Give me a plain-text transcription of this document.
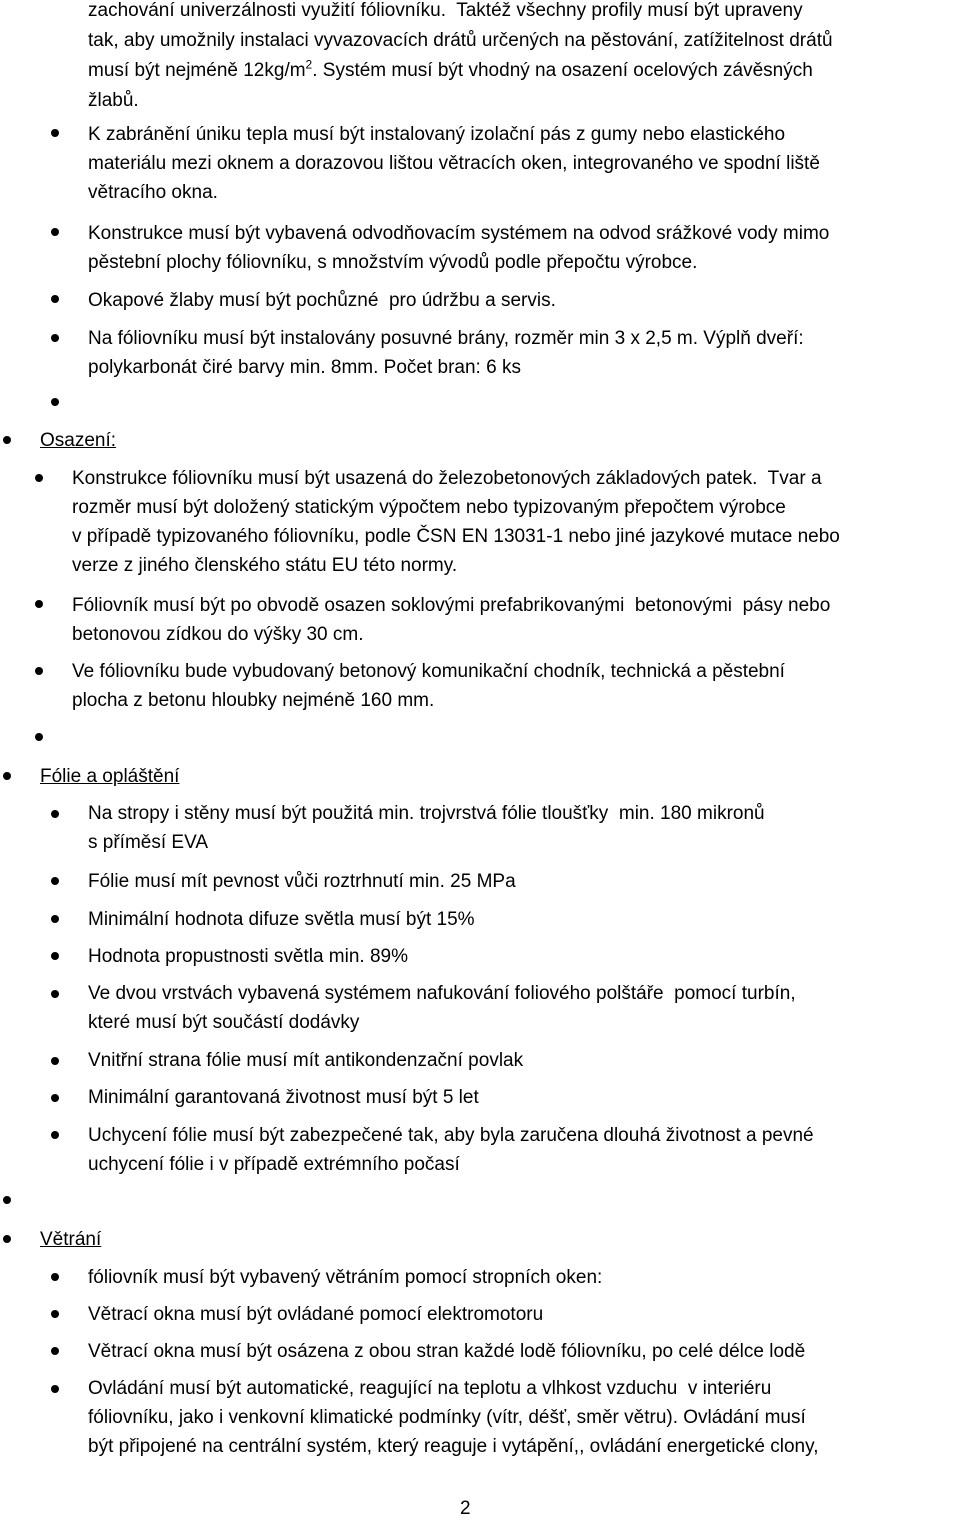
zachování univerzálnosti využití fóliovníku.  Taktéž všechny profily musí být upraveny
tak, aby umožnily instalaci vyvazovacích drátů určených na pěstování, zatížitelnost drátů
musí být nejméně $12kg/m^2$. Systém musí být vhodný na osazení ocelových závěsných
žlabů.
K zabránění úniku tepla musí být instalovaný izolační pás z gumy nebo elastického
materiálu mezi oknem a dorazovou lištou větracích oken, integrovaného ve spodní liště
větracího okna.
Konstrukce musí být vybavená odvodňovacím systémem na odvod srážkové vody mimo
pěstební plochy fóliovníku, s množstvím vývodů podle přepočtu výrobce.
Okapové žlaby musí být pochůzné  pro údržbu a servis.
Na fóliovníku musí být instalovány posuvné brány, rozměr min 3 x 2,5 m. Výplň dveří:
polykarbonát čiré barvy min. 8mm. Počet bran: 6 ks
Osazení:
Konstrukce fóliovníku musí být usazená do železobetonových základových patek.  Tvar a
rozměr musí být doložený statickým výpočtem nebo typizovaným přepočtem výrobce
v případě typizovaného fóliovníku, podle ČSN EN 13031-1 nebo jiné jazykové mutace nebo
verze z jiného členského státu EU této normy.
Fóliovník musí být po obvodě osazen soklovými prefabrikovanými  betonovými  pásy nebo
betonovou zídkou do výšky 30 cm.
Ve fóliovníku bude vybudovaný betonový komunikační chodník, technická a pěstební
plocha z betonu hloubky nejméně 160 mm.
Fólie a opláštění
Na stropy i stěny musí být použitá min. trojvrstvá fólie tloušťky  min. 180 mikronů
s příměsí EVA
Fólie musí mít pevnost vůči roztrhnutí min. 25 MPa
Minimální hodnota difuze světla musí být 15%
Hodnota propustnosti světla min. 89%
Ve dvou vrstvách vybavená systémem nafukování foliového polštáře  pomocí turbín,
které musí být součástí dodávky
Vnitřní strana fólie musí mít antikondenzační povlak
Minimální garantovaná životnost musí být 5 let
Uchycení fólie musí být zabezpečené tak, aby byla zaručena dlouhá životnost a pevné
uchycení fólie i v případě extrémního počasí
Větrání
fóliovník musí být vybavený větráním pomocí stropních oken:
Větrací okna musí být ovládané pomocí elektromotoru
Větrací okna musí být osázena z obou stran každé lodě fóliovníku, po celé délce lodě
Ovládání musí být automatické, reagující na teplotu a vlhkost vzduchu  v interiéru
fóliovníku, jako i venkovní klimatické podmínky (vítr, déšť, směr větru). Ovládání musí
být připojené na centrální systém, který reaguje i vytápění,, ovládání energetické clony,
2
